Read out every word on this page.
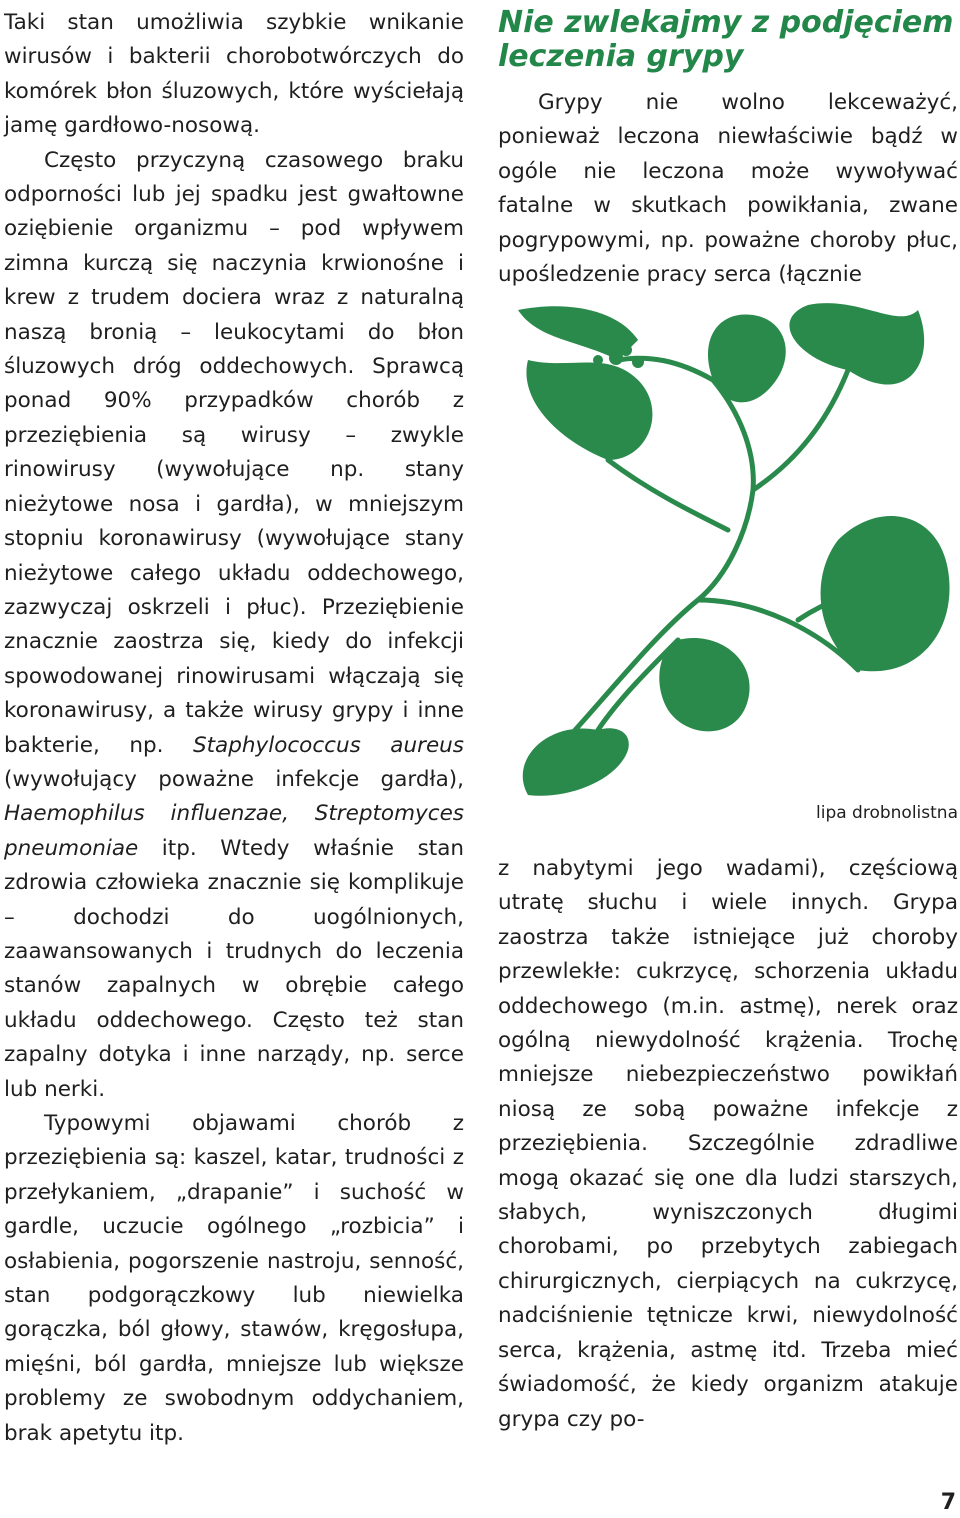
Taki stan umożliwia szybkie wnikanie wirusów i bakterii chorobotwórczych do komórek błon śluzowych, które wyściełają jamę gardłowo-nosową.

Często przyczyną czasowego braku odporności lub jej spadku jest gwałtowne oziębienie organizmu – pod wpływem zimna kurczą się naczynia krwionośne i krew z trudem dociera wraz z naturalną naszą bronią – leukocytami do błon śluzowych dróg oddechowych. Sprawcą ponad 90% przypadków chorób z przeziębienia są wirusy – zwykle rinowirusy (wywołujące np. stany nieżytowe nosa i gardła), w mniejszym stopniu koronawirusy (wywołujące stany nieżytowe całego układu oddechowego, zazwyczaj oskrzeli i płuc). Przeziębienie znacznie zaostrza się, kiedy do infekcji spowodowanej rinowirusami włączają się koronawirusy, a także wirusy grypy i inne bakterie, np. Staphylococcus aureus (wywołujący poważne infekcje gardła), Haemophilus influenzae, Streptomyces pneumoniae itp. Wtedy właśnie stan zdrowia człowieka znacznie się komplikuje – dochodzi do uogólnionych, zaawansowanych i trudnych do leczenia stanów zapalnych w obrębie całego układu oddechowego. Często też stan zapalny dotyka i inne narządy, np. serce lub nerki.

Typowymi objawami chorób z przeziębienia są: kaszel, katar, trudności z przełykaniem, „drapanie” i suchość w gardle, uczucie ogólnego „rozbicia” i osłabienia, pogorszenie nastroju, senność, stan podgorączkowy lub niewielka gorączka, ból głowy, stawów, kręgosłupa, mięśni, ból gardła, mniejsze lub większe problemy ze swobodnym oddychaniem, brak apetytu itp.

Nie zwlekajmy z podjęciem leczenia grypy

Grypy nie wolno lekceważyć, ponieważ leczona niewłaściwie bądź w ogóle nie leczona może wywoływać fatalne w skutkach powikłania, zwane pogrypowymi, np. poważne choroby płuc, upośledzenie pracy serca (łącznie

lipa drobnolistna

z nabytymi jego wadami), częściową utratę słuchu i wiele innych. Grypa zaostrza także istniejące już choroby przewlekłe: cukrzycę, schorzenia układu oddechowego (m.in. astmę), nerek oraz ogólną niewydolność krążenia. Trochę mniejsze niebezpieczeństwo powikłań niosą ze sobą poważne infekcje z przeziębienia. Szczególnie zdradliwe mogą okazać się one dla ludzi starszych, słabych, wyniszczonych długimi chorobami, po przebytych zabiegach chirurgicznych, cierpiących na cukrzycę, nadciśnienie tętnicze krwi, niewydolność serca, krążenia, astmę itd. Trzeba mieć świadomość, że kiedy organizm atakuje grypa czy po-

7
